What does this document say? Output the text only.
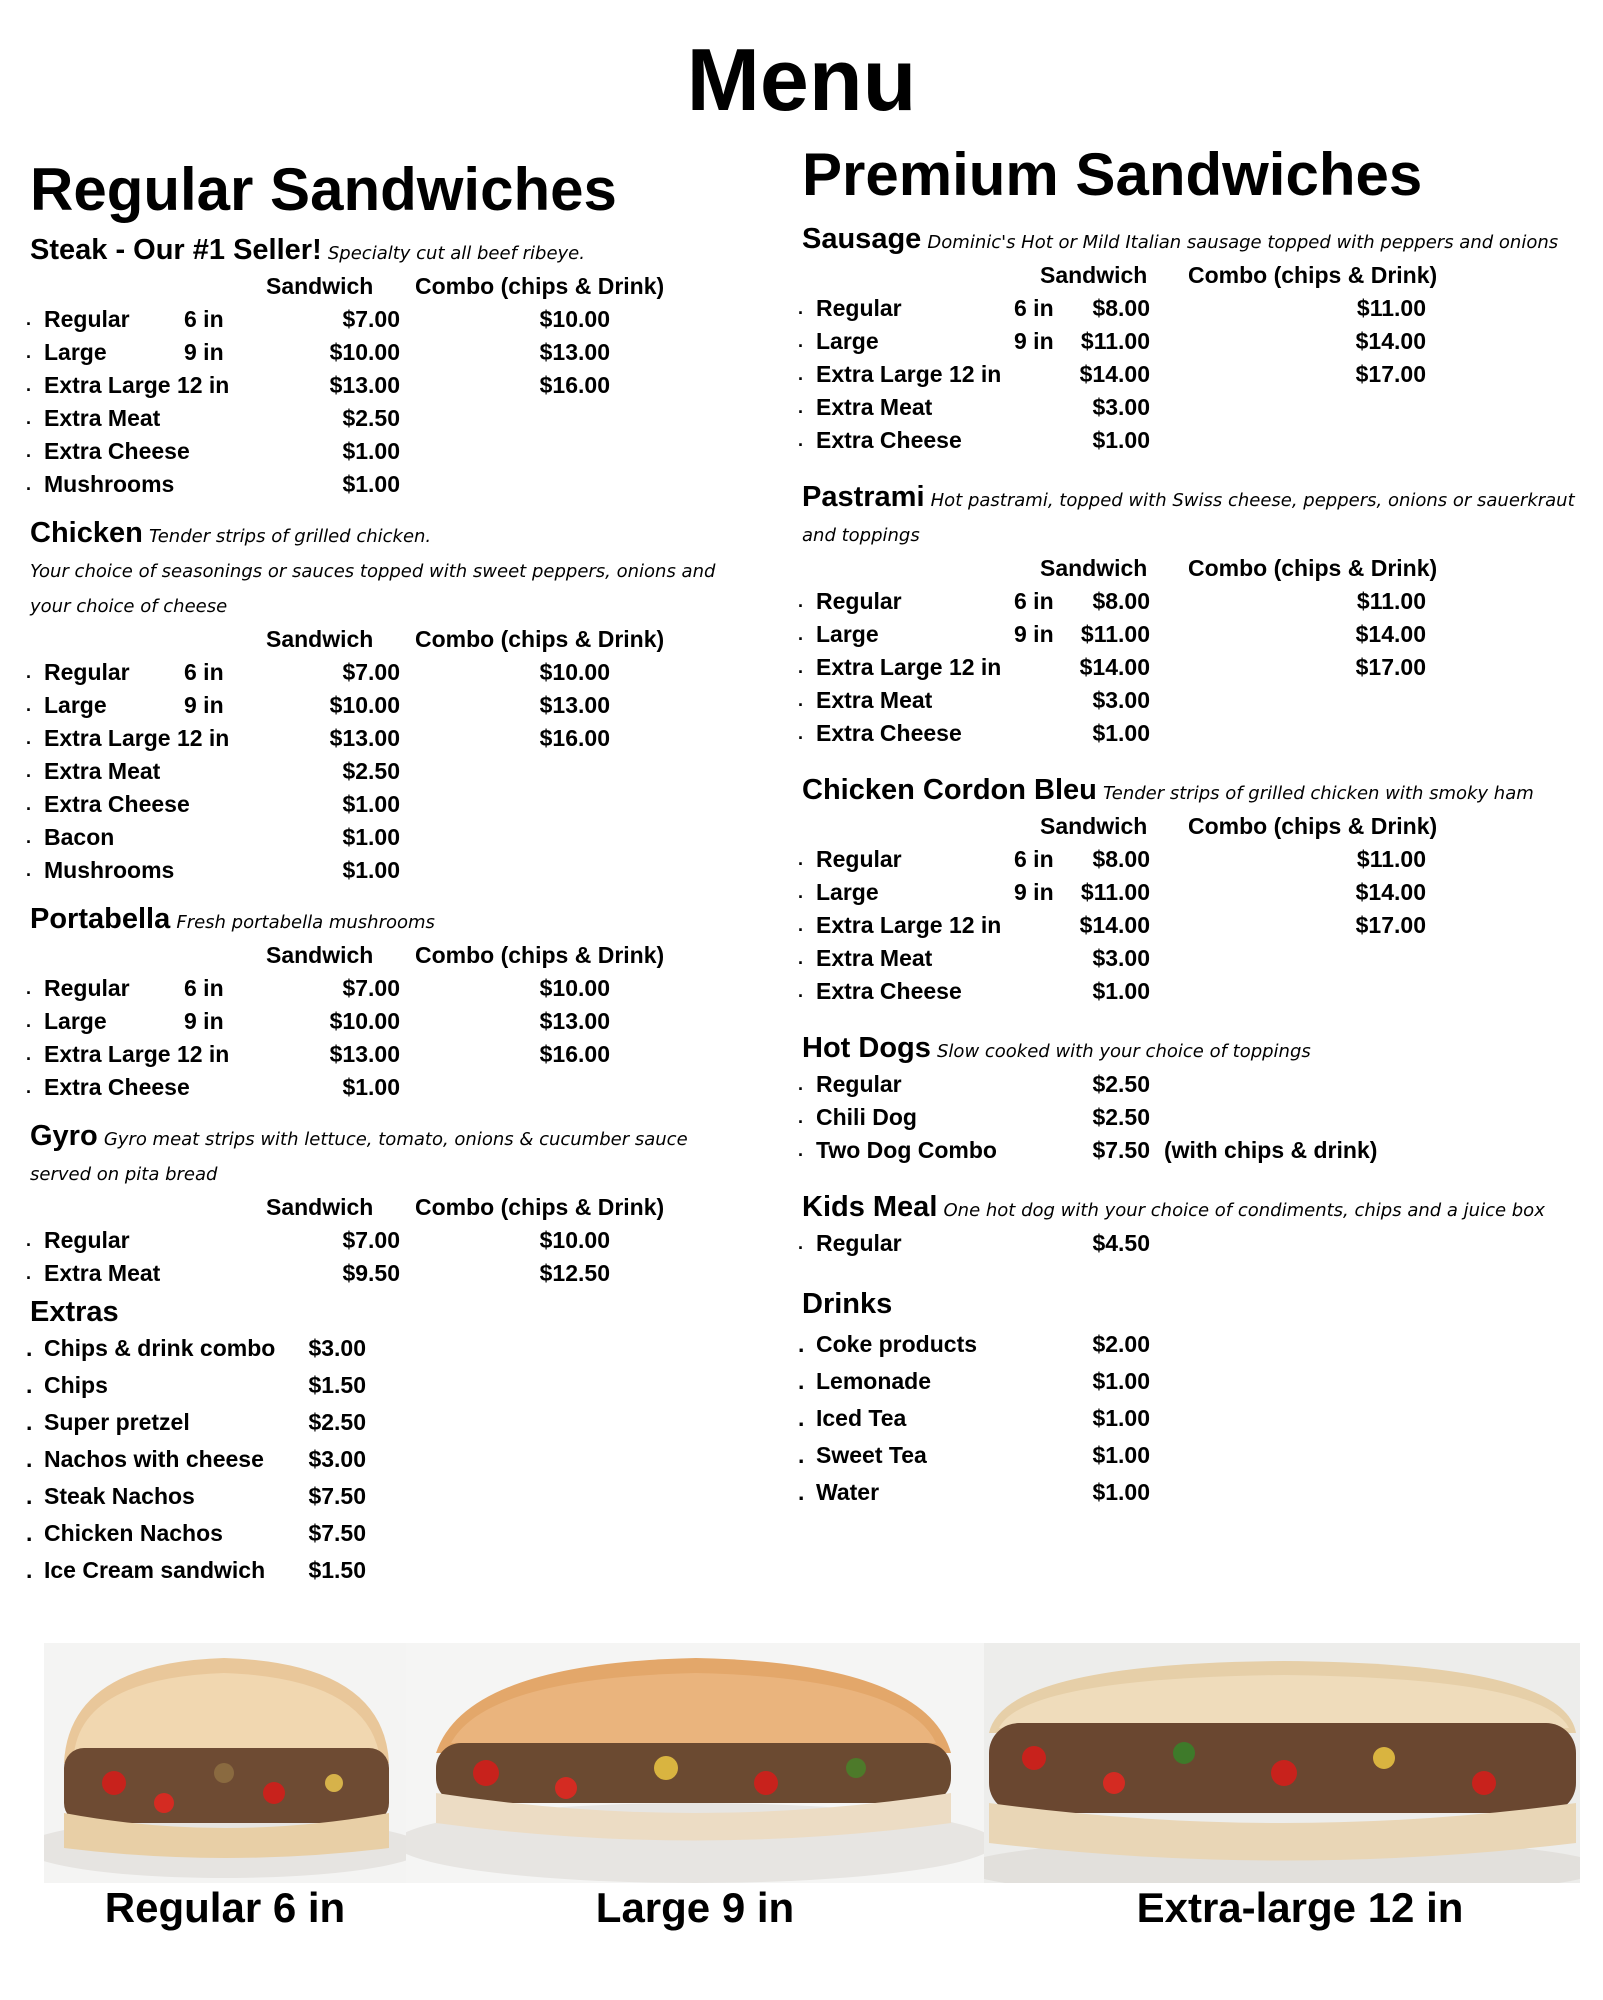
Menu
Regular Sandwiches
Steak - Our #1 Seller! Specialty cut all beef ribeye.
Sandwich Combo (chips & Drink)
. Regular 6 in	$7.00	$10.00
. Large	9 in	$10.00	$13.00
. Extra Large 12 in	$13.00	$16.00
. Extra Meat	$2.50
. Extra Cheese	$1.00
. Mushrooms	$1.00
Chicken Tender strips of grilled chicken.
Your choice of seasonings or sauces topped with sweet peppers, onions and your choice of cheese
Sandwich Combo (chips & Drink)
. Regular 6 in	$7.00	$10.00
. Large	9 in	$10.00	$13.00
. Extra Large 12 in	$13.00	$16.00
. Extra Meat	$2.50
. Extra Cheese	$1.00
. Bacon	$1.00
. Mushrooms	$1.00
Portabella Fresh portabella mushrooms
Sandwich Combo (chips & Drink)
. Regular 6 in	$7.00	$10.00
. Large	9 in	$10.00	$13.00
. Extra Large 12 in	$13.00	$16.00
. Extra Cheese	$1.00
Gyro Gyro meat strips with lettuce, tomato, onions & cucumber sauce served on pita bread
Sandwich Combo (chips & Drink)
. Regular	$7.00	$10.00
. Extra Meat	$9.50	$12.50
Extras
. Chips & drink combo	$3.00
. Chips	$1.50
. Super pretzel	$2.50
. Nachos with cheese	$3.00
. Steak Nachos	$7.50
. Chicken Nachos	$7.50
. Ice Cream sandwich	$1.50
Premium Sandwiches
Sausage Dominic's Hot or Mild Italian sausage topped with peppers and onions
Sandwich Combo (chips & Drink)
. Regular	6 in	$8.00	$11.00
. Large	9 in	$11.00	$14.00
. Extra Large 12 in	$14.00	$17.00
. Extra Meat	$3.00
. Extra Cheese	$1.00
Pastrami Hot pastrami, topped with Swiss cheese, peppers, onions or sauerkraut and toppings
Sandwich Combo (chips & Drink)
. Regular	6 in	$8.00	$11.00
. Large	9 in	$11.00	$14.00
. Extra Large 12 in	$14.00	$17.00
. Extra Meat	$3.00
. Extra Cheese	$1.00
Chicken Cordon Bleu Tender strips of grilled chicken with smoky ham
Sandwich Combo (chips & Drink)
. Regular	6 in	$8.00	$11.00
. Large	9 in	$11.00	$14.00
. Extra Large 12 in	$14.00	$17.00
. Extra Meat	$3.00
. Extra Cheese	$1.00
Hot Dogs Slow cooked with your choice of toppings
. Regular	$2.50
. Chili Dog	$2.50
. Two Dog Combo	$7.50 (with chips & drink)
Kids Meal One hot dog with your choice of condiments, chips and a juice box
. Regular	$4.50
Drinks
. Coke products	$2.00
. Lemonade	$1.00
. Iced Tea	$1.00
. Sweet Tea	$1.00
. Water	$1.00
Regular 6 in	Large 9 in	Extra-large 12 in
